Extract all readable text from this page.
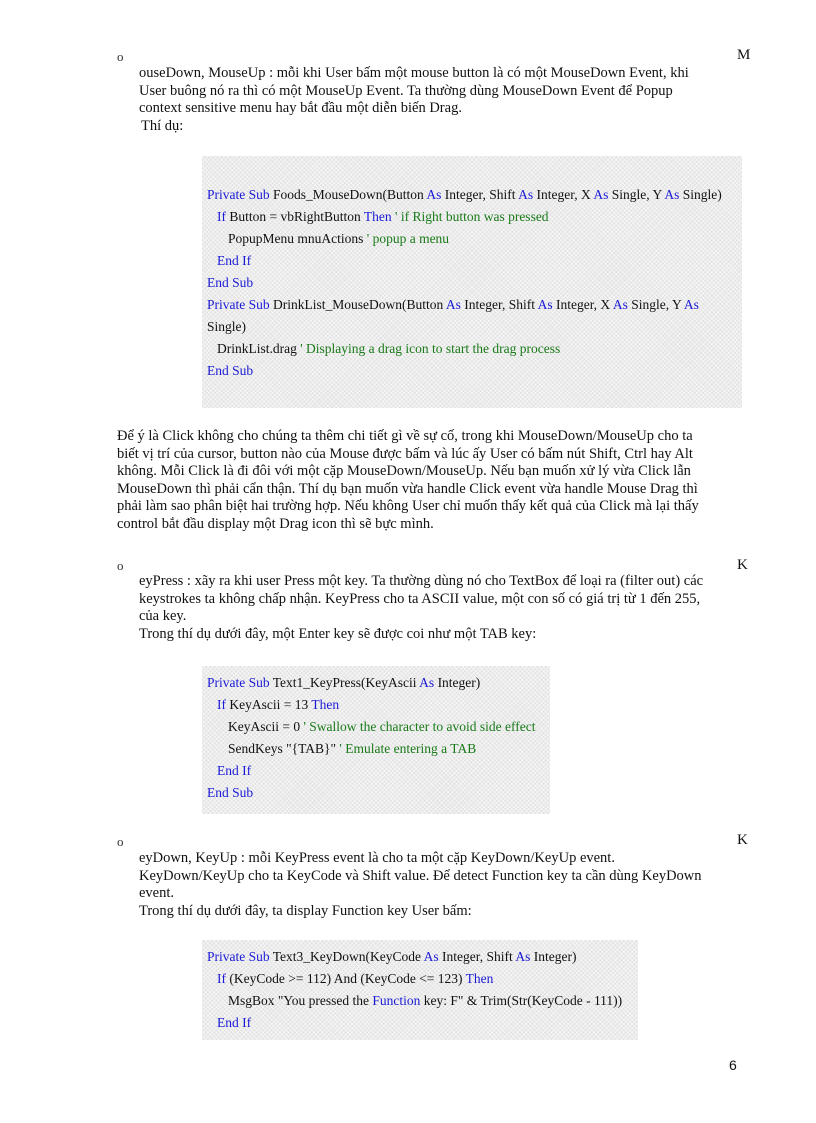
o	M
ouseDown, MouseUp : mỗi khi User bấm một mouse button là có một MouseDown Event, khi
User buông nó ra thì có một MouseUp Event. Ta thường dùng MouseDown Event để Popup
context sensitive menu hay bắt đầu một diễn biến Drag.
Thí dụ:
Private Sub Foods_MouseDown(Button As Integer, Shift As Integer, X As Single, Y As Single)
If Button = vbRightButton Then ' if Right button was pressed
PopupMenu mnuActions ' popup a menu
End If
End Sub
Private Sub DrinkList_MouseDown(Button As Integer, Shift As Integer, X As Single, Y As
Single)
DrinkList.drag ' Displaying a drag icon to start the drag process
End Sub
Để ý là Click không cho chúng ta thêm chi tiết gì về sự cố, trong khi MouseDown/MouseUp cho ta
biết vị trí của cursor, button nào của Mouse được bấm và lúc ấy User có bấm nút Shift, Ctrl hay Alt
không. Mỗi Click là đi đôi với một cặp MouseDown/MouseUp. Nếu bạn muốn xử lý vừa Click lẫn
MouseDown thì phải cẩn thận. Thí dụ bạn muốn vừa handle Click event vừa handle Mouse Drag thì
phải làm sao phân biệt hai trường hợp. Nếu không User chỉ muốn thấy kết quả của Click mà lại thấy
control bắt đầu display một Drag icon thì sẽ bực mình.
o	K
eyPress : xãy ra khi user Press một key. Ta thường dùng nó cho TextBox để loại ra (filter out) các
keystrokes ta không chấp nhận. KeyPress cho ta ASCII value, một con số có giá trị từ 1 đến 255,
của key.
Trong thí dụ dưới đây, một Enter key sẽ được coi như một TAB key:
Private Sub Text1_KeyPress(KeyAscii As Integer)
If KeyAscii = 13 Then
KeyAscii = 0 ' Swallow the character to avoid side effect
SendKeys "{TAB}" ' Emulate entering a TAB
End If
End Sub
o	K
eyDown, KeyUp : mỗi KeyPress event là cho ta một cặp KeyDown/KeyUp event.
KeyDown/KeyUp cho ta KeyCode và Shift value. Để detect Function key ta cần dùng KeyDown
event.
Trong thí dụ dưới đây, ta display Function key User bấm:
Private Sub Text3_KeyDown(KeyCode As Integer, Shift As Integer)
If (KeyCode >= 112) And (KeyCode <= 123) Then
MsgBox "You pressed the Function key: F" & Trim(Str(KeyCode - 111))
End If
6
